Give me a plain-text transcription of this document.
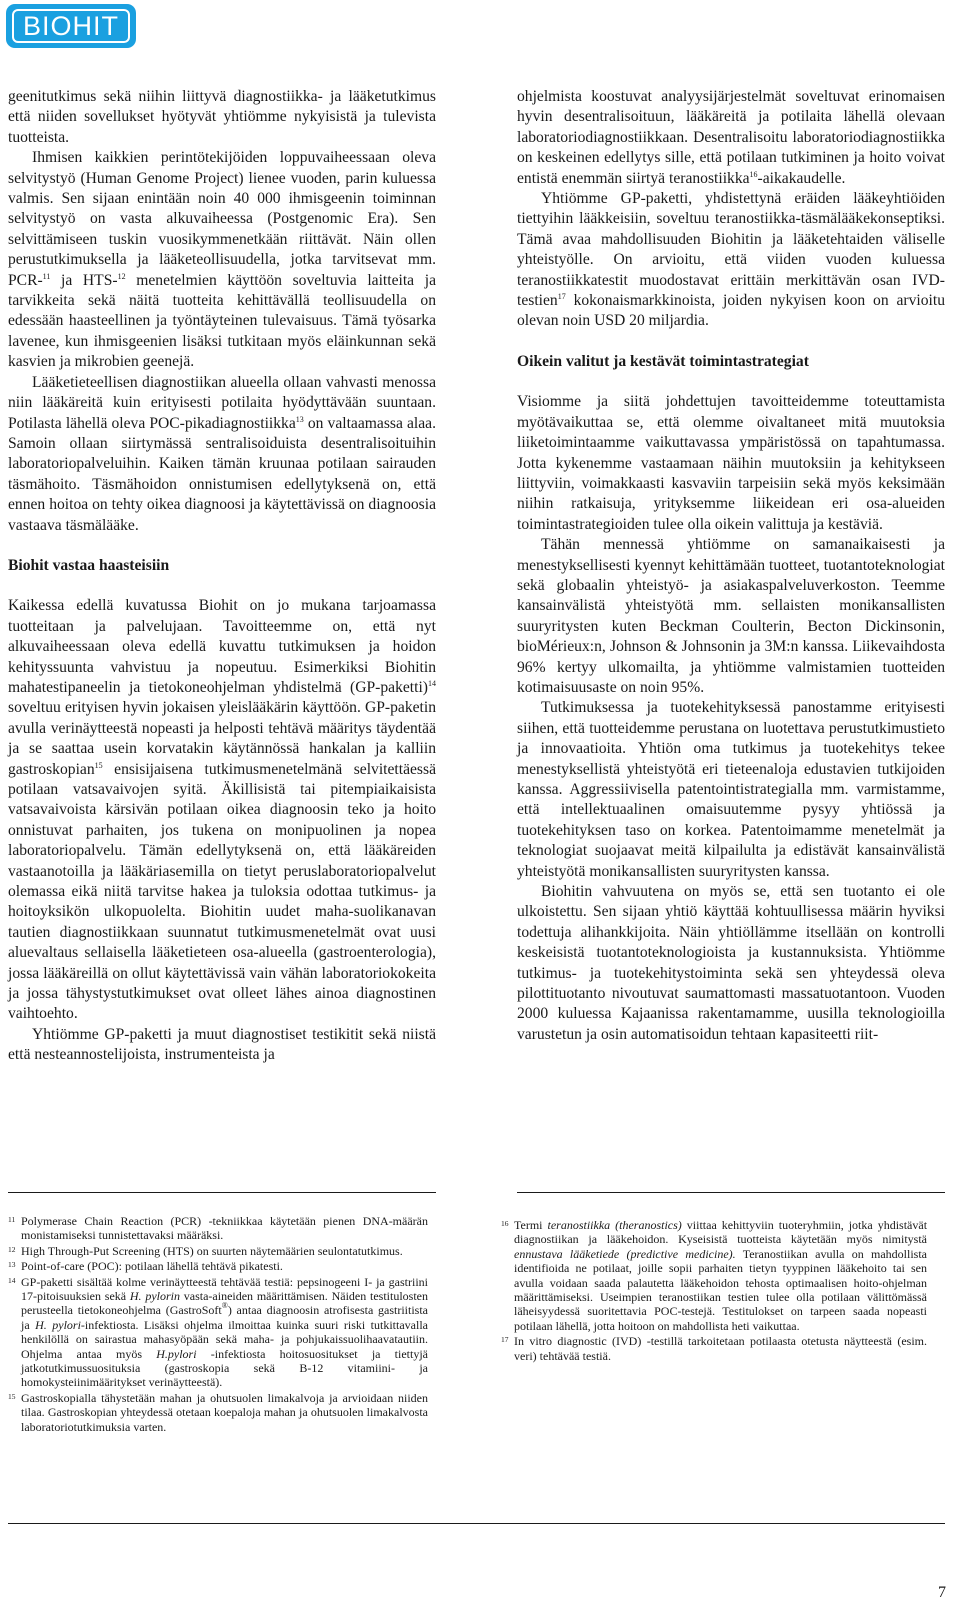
BIOHIT

geenitutkimus sekä niihin liittyvä diagnostiikka- ja lääketutkimus että niiden sovellukset hyötyvät yhtiömme nykyisistä ja tulevista tuotteista.

Ihmisen kaikkien perintötekijöiden loppuvaiheessaan oleva selvitystyö (Human Genome Project) lienee vuoden, parin kuluessa valmis. Sen sijaan enintään noin 40 000 ihmisgeenin toiminnan selvitystyö on vasta alkuvaiheessa (Postgenomic Era). Sen selvittämiseen tuskin vuosikymmenetkään riittävät. Näin ollen perustutkimuksella ja lääketeollisuudella, jotka tarvitsevat mm. PCR-$^{11}$ ja HTS-$^{12}$ menetelmien käyttöön soveltuvia laitteita ja tarvikkeita sekä näitä tuotteita kehittävällä teollisuudella on edessään haasteellinen ja työntäyteinen tulevaisuus. Tämä työsarka lavenee, kun ihmisgeenien lisäksi tutkitaan myös eläinkunnan sekä kasvien ja mikrobien geenejä.

Lääketieteellisen diagnostiikan alueella ollaan vahvasti menossa niin lääkäreitä kuin erityisesti potilaita hyödyttävään suuntaan. Potilasta lähellä oleva POC-pikadiagnostiikka$^{13}$ on valtaamassa alaa. Samoin ollaan siirtymässä sentralisoiduista desentralisoituihin laboratoriopalveluihin. Kaiken tämän kruunaa potilaan sairauden täsmähoito. Täsmähoidon onnistumisen edellytyksenä on, että ennen hoitoa on tehty oikea diagnoosi ja käytettävissä on diagnoosia vastaava täsmälääke.

Biohit vastaa haasteisiin

Kaikessa edellä kuvatussa Biohit on jo mukana tarjoamassa tuotteitaan ja palvelujaan. Tavoitteemme on, että nyt alkuvaiheessaan oleva edellä kuvattu tutkimuksen ja hoidon kehityssuunta vahvistuu ja nopeutuu. Esimerkiksi Biohitin mahatestipaneelin ja tietokoneohjelman yhdistelmä (GP-paketti)$^{14}$ soveltuu erityisen hyvin jokaisen yleislääkärin käyttöön. GP-paketin avulla verinäytteestä nopeasti ja helposti tehtävä määritys täydentää ja se saattaa usein korvatakin käytännössä hankalan ja kalliin gastroskopian$^{15}$ ensisijaisena tutkimusmenetelmänä selvitettäessä potilaan vatsavaivojen syitä. Äkillisistä tai pitempiaikaisista vatsavaivoista kärsivän potilaan oikea diagnoosin teko ja hoito onnistuvat parhaiten, jos tukena on monipuolinen ja nopea laboratoriopalvelu. Tämän edellytyksenä on, että lääkäreiden vastaanotoilla ja lääkäriasemilla on tietyt peruslaboratoriopalvelut olemassa eikä niitä tarvitse hakea ja tuloksia odottaa tutkimus- ja hoitoyksikön ulkopuolelta. Biohitin uudet maha-suolikanavan tautien diagnostiikkaan suunnatut tutkimusmenetelmät ovat uusi aluevaltaus sellaisella lääketieteen osa-alueella (gastroenterologia), jossa lääkäreillä on ollut käytettävissä vain vähän laboratoriokokeita ja jossa tähystystutkimukset ovat olleet lähes ainoa diagnostinen vaihtoehto.

Yhtiömme GP-paketti ja muut diagnostiset testikitit sekä niistä että nesteannostelijoista, instrumenteista ja

ohjelmista koostuvat analyysijärjestelmät soveltuvat erinomaisen hyvin desentralisoituun, lääkäreitä ja potilaita lähellä olevaan laboratoriodiagnostiikkaan. Desentralisoitu laboratoriodiagnostiikka on keskeinen edellytys sille, että potilaan tutkiminen ja hoito voivat entistä enemmän siirtyä teranostiikka$^{16}$-aikakaudelle.

Yhtiömme GP-paketti, yhdistettynä eräiden lääkeyhtiöiden tiettyihin lääkkeisiin, soveltuu teranostiikka-täsmälääkekonseptiksi. Tämä avaa mahdollisuuden Biohitin ja lääketehtaiden väliselle yhteistyölle. On arvioitu, että viiden vuoden kuluessa teranostiikkatestit muodostavat erittäin merkittävän osan IVD-testien$^{17}$ kokonaismarkkinoista, joiden nykyisen koon on arvioitu olevan noin USD 20 miljardia.

Oikein valitut ja kestävät toimintastrategiat

Visiomme ja siitä johdettujen tavoitteidemme toteuttamista myötävaikuttaa se, että olemme oivaltaneet mitä muutoksia liiketoimintaamme vaikuttavassa ympäristössä on tapahtumassa. Jotta kykenemme vastaamaan näihin muutoksiin ja kehitykseen liittyviin, voimakkaasti kasvaviin tarpeisiin sekä myös keksimään niihin ratkaisuja, yrityksemme liikeidean eri osa-alueiden toimintastrategioiden tulee olla oikein valittuja ja kestäviä.

Tähän mennessä yhtiömme on samanaikaisesti ja menestyksellisesti kyennyt kehittämään tuotteet, tuotantoteknologiat sekä globaalin yhteistyö- ja asiakaspalveluverkoston. Teemme kansainvälistä yhteistyötä mm. sellaisten monikansallisten suuryritysten kuten Beckman Coulterin, Becton Dickinsonin, bioMérieux:n, Johnson & Johnsonin ja 3M:n kanssa. Liikevaihdosta 96% kertyy ulkomailta, ja yhtiömme valmistamien tuotteiden kotimaisuusaste on noin 95%.

Tutkimuksessa ja tuotekehityksessä panostamme erityisesti siihen, että tuotteidemme perustana on luotettava perustutkimustieto ja innovaatioita. Yhtiön oma tutkimus ja tuotekehitys tekee menestyksellistä yhteistyötä eri tieteenaloja edustavien tutkijoiden kanssa. Aggressiivisella patentointistrategialla mm. varmistamme, että intellektuaalinen omaisuutemme pysyy yhtiössä ja tuotekehityksen taso on korkea. Patentoimamme menetelmät ja teknologiat suojaavat meitä kilpailulta ja edistävät kansainvälistä yhteistyötä monikansallisten suuryritysten kanssa.

Biohitin vahvuutena on myös se, että sen tuotanto ei ole ulkoistettu. Sen sijaan yhtiö käyttää kohtuullisessa määrin hyviksi todettuja alihankkijoita. Näin yhtiöllämme itsellään on kontrolli keskeisistä tuotantoteknologioista ja kustannuksista. Yhtiömme tutkimus- ja tuotekehitystoiminta sekä sen yhteydessä oleva pilottituotanto nivoutuvat saumattomasti massatuotantoon. Vuoden 2000 kuluessa Kajaanissa rakentamamme, uusilla teknologioilla varustetun ja osin automatisoidun tehtaan kapasiteetti riit-

11 Polymerase Chain Reaction (PCR) -tekniikkaa käytetään pienen DNA-määrän monistamiseksi tunnistettavaksi määräksi.
12 High Through-Put Screening (HTS) on suurten näytemäärien seulontatutkimus.
13 Point-of-care (POC): potilaan lähellä tehtävä pikatesti.
14 GP-paketti sisältää kolme verinäytteestä tehtävää testiä: pepsinogeeni I- ja gastriini 17-pitoisuuksien sekä H. pylorin vasta-aineiden määrittämisen. Näiden testitulosten perusteella tietokoneohjelma (GastroSoft®) antaa diagnoosin atrofisesta gastriitista ja H. pylori-infektiosta. Lisäksi ohjelma ilmoittaa kuinka suuri riski tutkittavalla henkilöllä on sairastua mahasyöpään sekä maha- ja pohjukaissuolihaavatautiin. Ohjelma antaa myös H.pylori -infektiosta hoitosuositukset ja tiettyjä jatkotutkimussuosituksia (gastroskopia sekä B-12 vitamiini- ja homokysteiinimääritykset verinäytteestä).
15 Gastroskopialla tähystetään mahan ja ohutsuolen limakalvoja ja arvioidaan niiden tilaa. Gastroskopian yhteydessä otetaan koepaloja mahan ja ohutsuolen limakalvosta laboratoriotutkimuksia varten.
16 Termi teranostiikka (theranostics) viittaa kehittyviin tuoteryhmiin, jotka yhdistävät diagnostiikan ja lääkehoidon. Kyseisistä tuotteista käytetään myös nimitystä ennustava lääketiede (predictive medicine). Teranostiikan avulla on mahdollista identifioida ne potilaat, joille sopii parhaiten tietyn tyyppinen lääkehoito tai sen avulla voidaan saada palautetta lääkehoidon tehosta optimaalisen hoito-ohjelman määrittämiseksi. Useimpien teranostiikan testien tulee olla potilaan välittömässä läheisyydessä suoritettavia POC-testejä. Testitulokset on tarpeen saada nopeasti potilaan lähellä, jotta hoitoon on mahdollista heti vaikuttaa.
17 In vitro diagnostic (IVD) -testillä tarkoitetaan potilaasta otetusta näytteestä (esim. veri) tehtävää testiä.
7
